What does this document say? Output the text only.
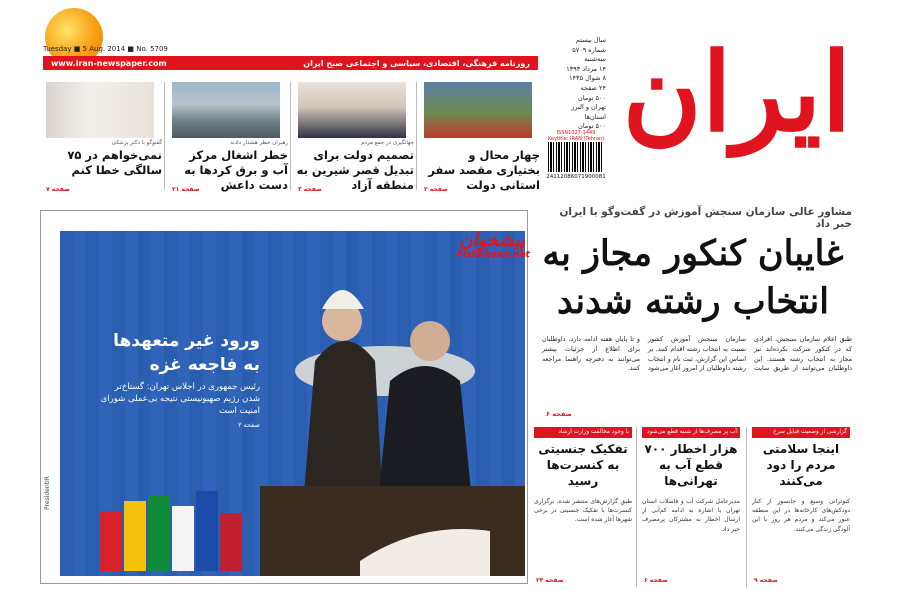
ایران
Tuesday ■ 5 Aug. 2014 ■ No. 5709
www.iran-newspaper.com	روزنامه فرهنگی، اقتصادی، سیاسی و اجتماعی صبح ایران
سال بیستم
شماره ۵۷۰۹
سه‌شنبه
۱۴ مرداد ۱۳۹۳
۸ شوال ۱۴۳۵
۲۴ صفحه
۵۰۰ تومان
تهران و البرز
استان‌ها
۵۰۰ تومان
ISSN1027-1449
Keytitle: IRAN (Tehran)
24112086071900081
چهار محال و بختیاری مقصد سفر استانی دولت
صفحه ۳
جهانگیری در جمع مردم
تصمیم دولت برای تبدیل قصر شیرین به منطقه آزاد
صفحه ۳
رهبران خطر هشدار دادند
خطر اشغال مرکز آب و برق کردها به دست داعش
صفحه ۲۱
گفتوگو با دکتر پزشکی
نمی‌خواهم در ۷۵ سالگی خطا کنم
صفحه ۷
مشاور عالی سازمان سنجش آموزش در گفت‌وگو با ایران خبر داد
غایبان کنکور مجاز به
انتخاب رشته شدند
طبق اعلام سازمان سنجش، افرادی که در کنکور شرکت نکرده‌اند نیز مجاز به انتخاب رشته هستند. این داوطلبان می‌توانند از طریق سایت سازمان سنجش آموزش کشور نسبت به انتخاب رشته اقدام کنند. بر اساس این گزارش، ثبت نام و انتخاب رشته داوطلبان از امروز آغاز می‌شود و تا پایان هفته ادامه دارد. داوطلبان برای اطلاع از جزئیات بیشتر می‌توانند به دفترچه راهنما مراجعه کنند.
صفحه ۶
گزارشی از وضعیت قبایل سرخ
اینجا سلامتی مردم را دود می‌کنند
کبوترانی وسیع و جانسوز از کنار دودکش‌های کارخانه‌ها در این منطقه عبور می‌کند و مردم هر روز با این آلودگی زندگی می‌کنند.
صفحه ۹
آب پر مصرف‌ها از شنبه قطع می‌شود
۷۰۰ هزار اخطار قطع آب به تهرانی‌ها
مدیرعامل شرکت آب و فاضلاب استان تهران با اشاره به ادامه کم‌آبی از ارسال اخطار به مشترکان پرمصرف خبر داد.
صفحه ۶
با وجود مخالفت وزارت ارشاد
تفکیک جنسیتی به کنسرت‌ها رسید
طبق گزارش‌های منتشر شده، برگزاری کنسرت‌ها با تفکیک جنسیتی در برخی شهرها آغاز شده است.
صفحه ۲۴
ورود غیر متعهدها به فاجعه غزه
رئیس جمهوری در اجلاس تهران: گستاخ‌تر شدن رژیم صهیونیستی نتیجه بی‌عملی شورای امنیت است
صفحه ۲
PresidentIR
پیشخوان
PishKhaan.net
